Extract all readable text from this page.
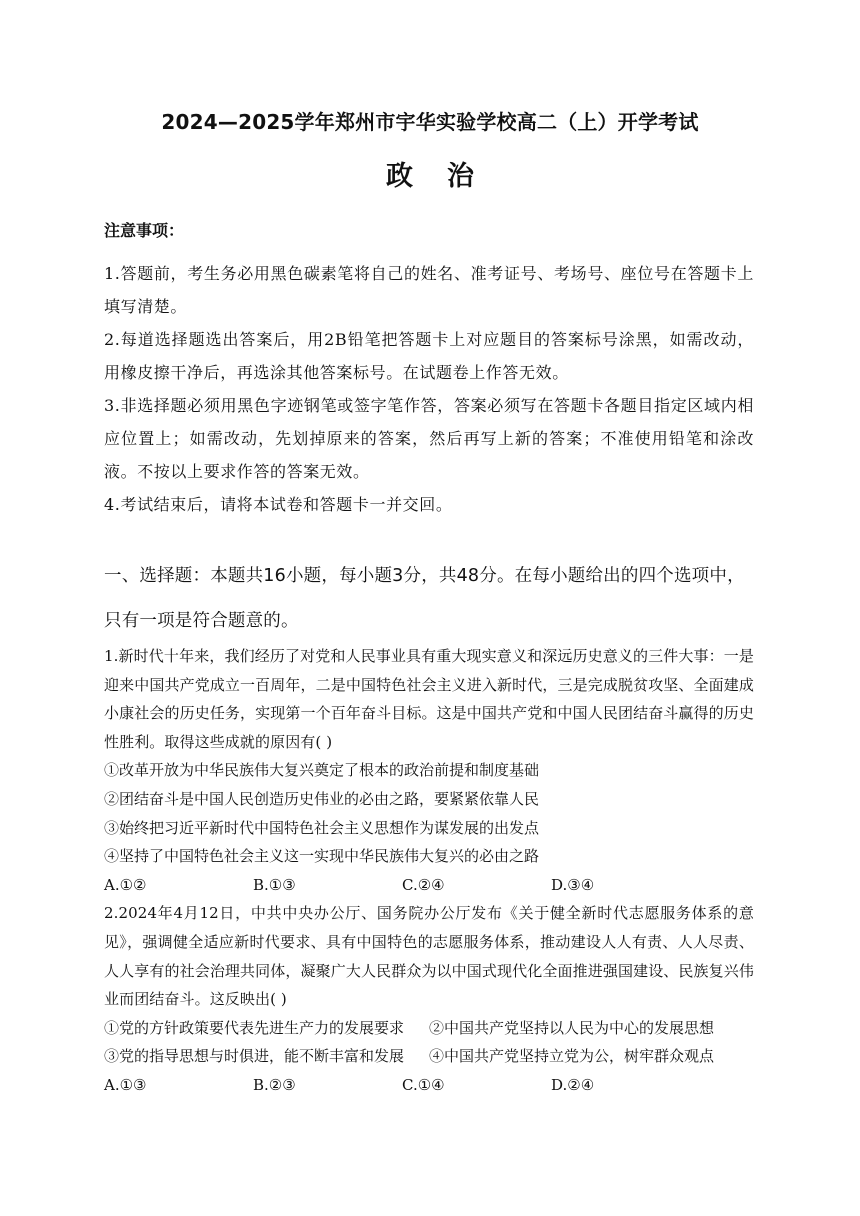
2024—2025学年郑州市宇华实验学校高二（上）开学考试
政治
注意事项：
1.答题前，考生务必用黑色碳素笔将自己的姓名、准考证号、考场号、座位号在答题卡上填写清楚。
2.每道选择题选出答案后，用2B铅笔把答题卡上对应题目的答案标号涂黑，如需改动，用橡皮擦干净后，再选涂其他答案标号。在试题卷上作答无效。
3.非选择题必须用黑色字迹钢笔或签字笔作答，答案必须写在答题卡各题目指定区域内相应位置上；如需改动，先划掉原来的答案，然后再写上新的答案；不准使用铅笔和涂改液。不按以上要求作答的答案无效。
4.考试结束后，请将本试卷和答题卡一并交回。
一、选择题：本题共16小题，每小题3分，共48分。在每小题给出的四个选项中，只有一项是符合题意的。
1.新时代十年来，我们经历了对党和人民事业具有重大现实意义和深远历史意义的三件大事：一是迎来中国共产党成立一百周年，二是中国特色社会主义进入新时代，三是完成脱贫攻坚、全面建成小康社会的历史任务，实现第一个百年奋斗目标。这是中国共产党和中国人民团结奋斗赢得的历史性胜利。取得这些成就的原因有( )
①改革开放为中华民族伟大复兴奠定了根本的政治前提和制度基础
②团结奋斗是中国人民创造历史伟业的必由之路，要紧紧依靠人民
③始终把习近平新时代中国特色社会主义思想作为谋发展的出发点
④坚持了中国特色社会主义这一实现中华民族伟大复兴的必由之路
A.①②	B.①③	C.②④	D.③④
2.2024年4月12日，中共中央办公厅、国务院办公厅发布《关于健全新时代志愿服务体系的意见》，强调健全适应新时代要求、具有中国特色的志愿服务体系，推动建设人人有责、人人尽责、人人享有的社会治理共同体，凝聚广大人民群众为以中国式现代化全面推进强国建设、民族复兴伟业而团结奋斗。这反映出( )
①党的方针政策要代表先进生产力的发展要求	②中国共产党坚持以人民为中心的发展思想
③党的指导思想与时俱进，能不断丰富和发展	④中国共产党坚持立党为公，树牢群众观点
A.①③	B.②③	C.①④	D.②④
